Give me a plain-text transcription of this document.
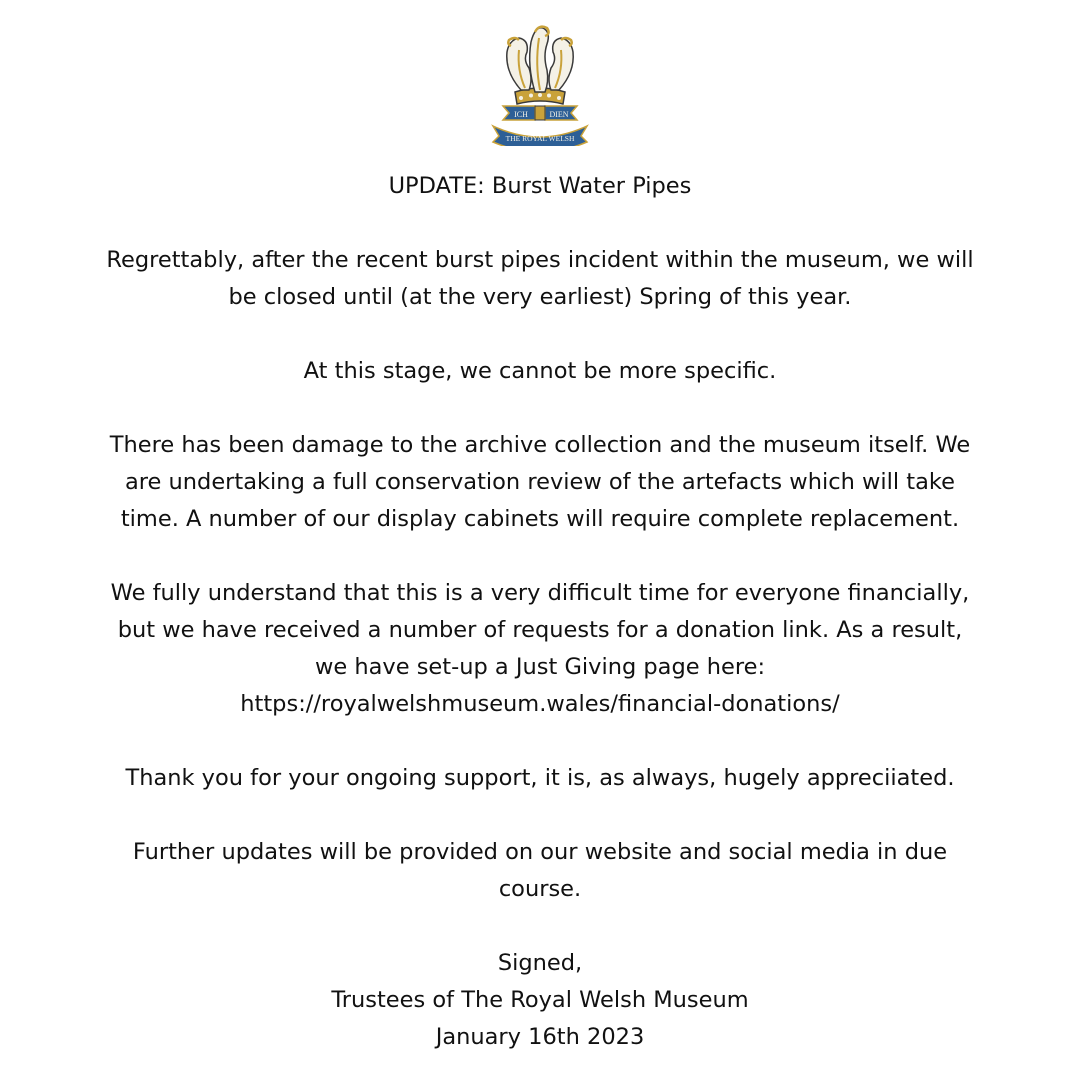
ICH	DIEN
THE ROYAL WELSH

UPDATE: Burst Water Pipes

Regrettably, after the recent burst pipes incident within the museum, we will

be closed until (at the very earliest) Spring of this year.

At this stage, we cannot be more specific.

There has been damage to the archive collection and the museum itself. We

are undertaking a full conservation review of the artefacts which will take

time. A number of our display cabinets will require complete replacement.

We fully understand that this is a very difficult time for everyone financially,

but we have received a number of requests for a donation link. As a result,

we have set-up a Just Giving page here:

https://royalwelshmuseum.wales/financial-donations/

Thank you for your ongoing support, it is, as always, hugely appreciiated.

Further updates will be provided on our website and social media in due

course.

Signed,

Trustees of The Royal Welsh Museum

January 16th 2023
